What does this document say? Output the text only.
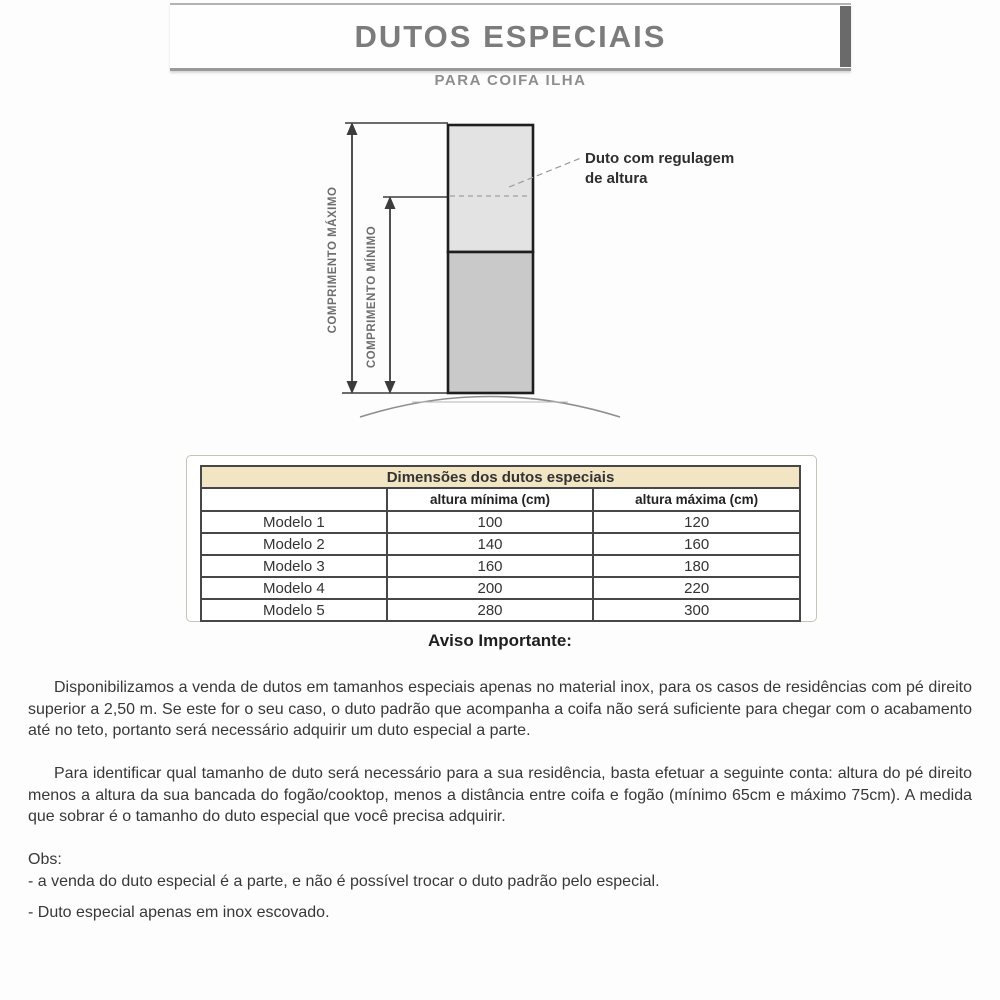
DUTOS ESPECIAIS
PARA COIFA ILHA
COMPRIMENTO MÁXIMO COMPRIMENTO MÍNIMO
Duto com regulagem
de altura
Dimensões dos dutos especiais		
	altura mínima (cm)	altura máxima (cm)
Modelo 1	100	120
Modelo 2	140	160
Modelo 3	160	180
Modelo 4	200	220
Modelo 5	280	300
Aviso Importante:

Disponibilizamos a venda de dutos em tamanhos especiais apenas no material inox, para os casos de residências com pé direito superior a 2,50 m. Se este for o seu caso, o duto padrão que acompanha a coifa não será suficiente para chegar com o acabamento até no teto, portanto será necessário adquirir um duto especial a parte.

Para identificar qual tamanho de duto será necessário para a sua residência, basta efetuar a seguinte conta: altura do pé direito menos a altura da sua bancada do fogão/cooktop, menos a distância entre coifa e fogão (mínimo 65cm e máximo 75cm). A medida que sobrar é o tamanho do duto especial que você precisa adquirir.

Obs:
- a venda do duto especial é a parte, e não é possível trocar o duto padrão pelo especial.
- Duto especial apenas em inox escovado.
